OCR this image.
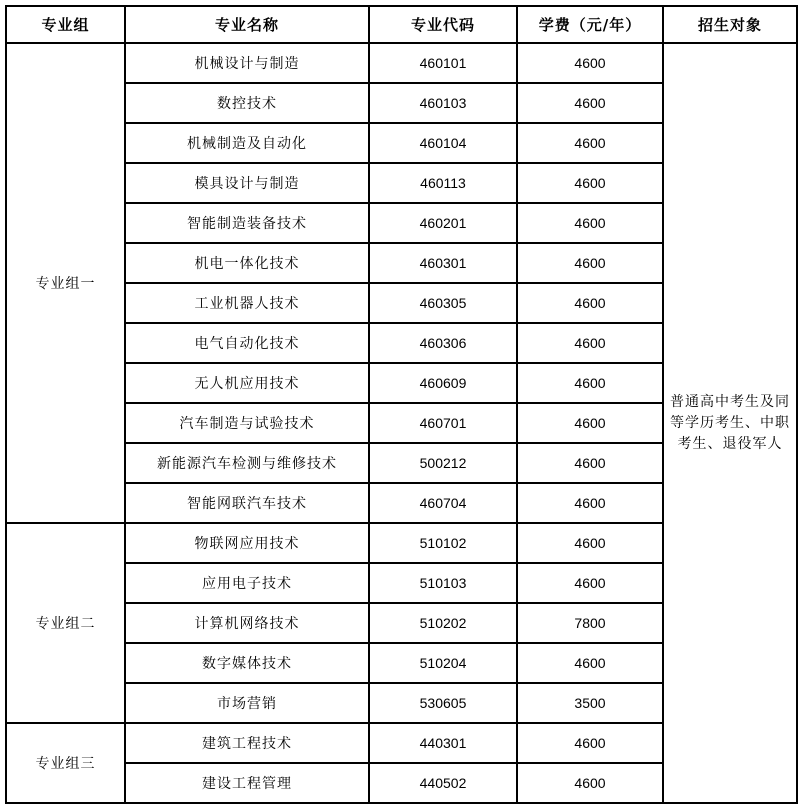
专业组	专业名称	专业代码	学费（元/年）	招生对象
专业组一	机械设计与制造	460101	4600	普通高中考生及同等学历考生、中职考生、退役军人
	数控技术	460103	4600	
	机械制造及自动化	460104	4600	
	模具设计与制造	460113	4600	
	智能制造装备技术	460201	4600	
	机电一体化技术	460301	4600	
	工业机器人技术	460305	4600	
	电气自动化技术	460306	4600	
	无人机应用技术	460609	4600	
	汽车制造与试验技术	460701	4600	
	新能源汽车检测与维修技术	500212	4600	
	智能网联汽车技术	460704	4600	
专业组二	物联网应用技术	510102	4600	
	应用电子技术	510103	4600	
	计算机网络技术	510202	7800	
	数字媒体技术	510204	4600	
	市场营销	530605	3500	
专业组三	建筑工程技术	440301	4600	
	建设工程管理	440502	4600	
